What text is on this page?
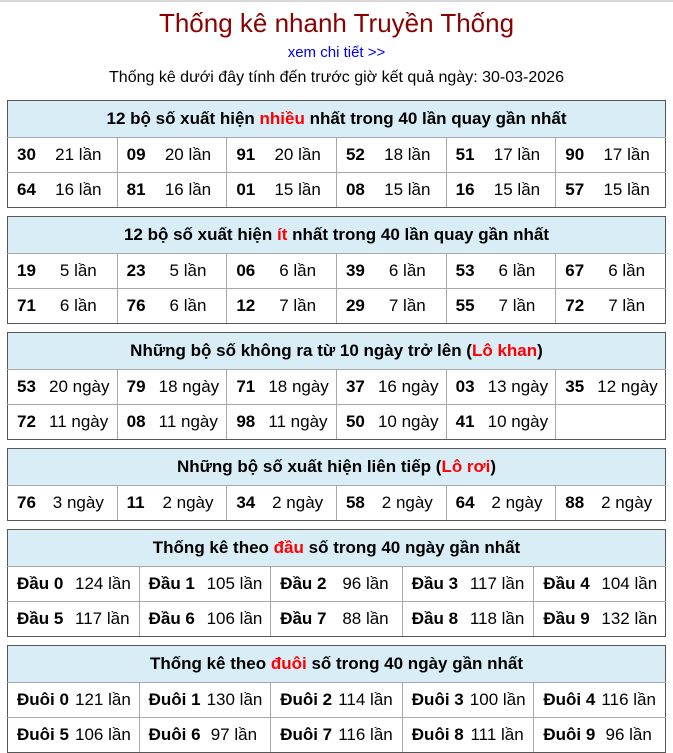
Thống kê nhanh Truyền Thống
xem chi tiết >>
Thống kê dưới đây tính đến trước giờ kết quả ngày: 30-03-2026
12 bộ số xuất hiện nhiều nhất trong 40 lần quay gần nhất					

30 21 lần	09 20 lần	91 20 lần	52 18 lần	51 17 lần	90 17 lần

64 16 lần	81 16 lần	01 15 lần	08 15 lần	16 15 lần	57 15 lần
12 bộ số xuất hiện ít nhất trong 40 lần quay gần nhất					

19 5 lần	23 5 lần	06 6 lần	39 6 lần	53 6 lần	67 6 lần

71 6 lần	76 6 lần	12 7 lần	29 7 lần	55 7 lần	72 7 lần
Những bộ số không ra từ 10 ngày trở lên (Lô khan)					

53 20 ngày	79 18 ngày	71 18 ngày	37 16 ngày	03 13 ngày	35 12 ngày

72 11 ngày	08 11 ngày	98 11 ngày	50 10 ngày	41 10 ngày	

Những bộ số xuất hiện liên tiếp (Lô rơi)

76 3 ngày	11	2 ngày	34 2 ngày	58 2 ngày	64 2 ngày	88 2 ngày
Thống kê theo đầu số trong 40 ngày gần nhất				

Đầu 0 124 lần	Đầu 1 105 lần	Đầu 2 96 lần	Đầu 3 117 lần	Đầu 4 104 lần

Đầu 5 117 lần	Đầu 6 106 lần	Đầu 7 88 lần	Đầu 8 118 lần	Đầu 9 132 lần
Thống kê theo đuôi số trong 40 ngày gần nhất				

Đuôi 0 121 lần	Đuôi 1 130 lần	Đuôi 2 114 lần	Đuôi 3 100 lần	Đuôi 4 116 lần

Đuôi 5 106 lần	Đuôi 6 97 lần	Đuôi 7 116 lần	Đuôi 8 111 lần	Đuôi 9 96 lần
